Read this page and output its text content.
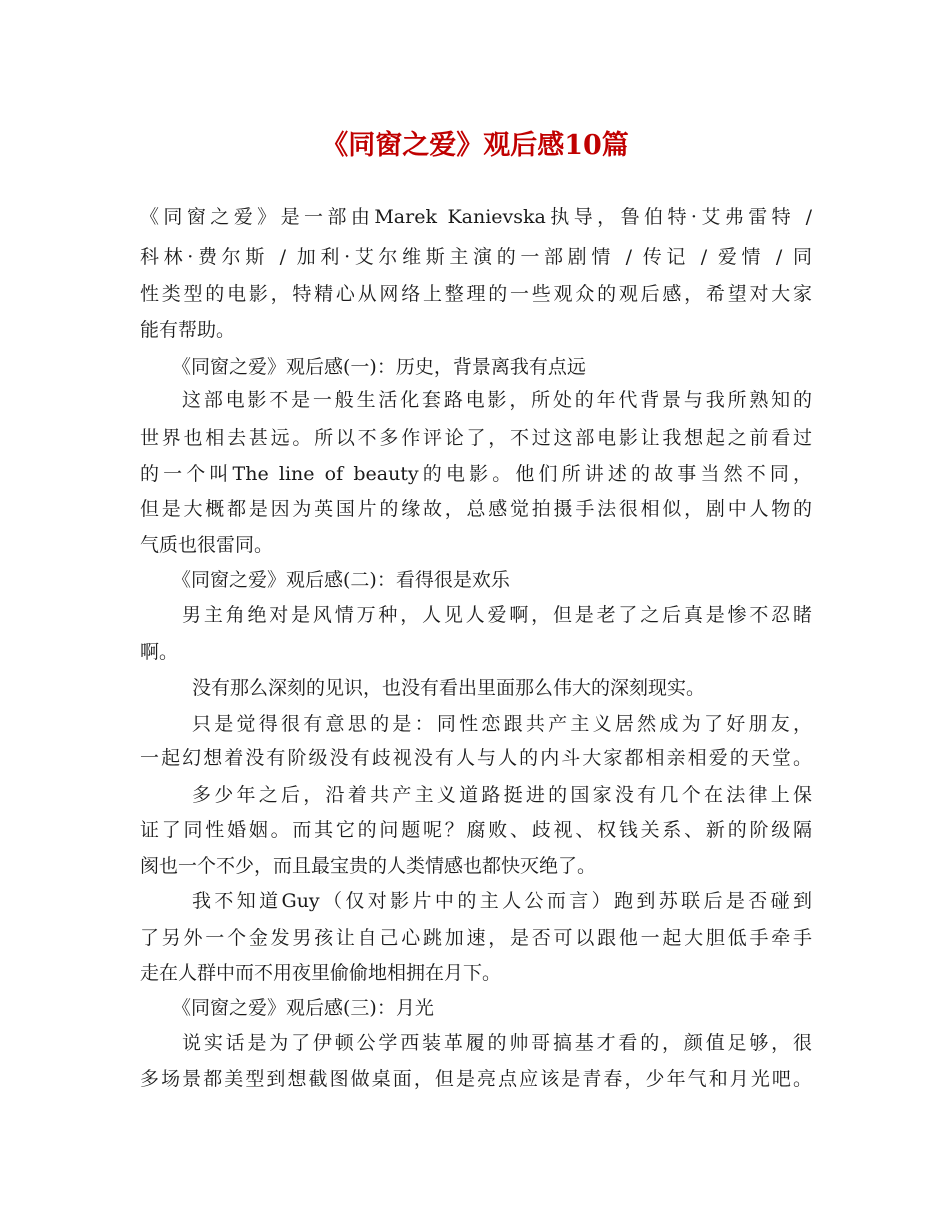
《同窗之爱》观后感10篇
《同窗之爱》是一部由Marek Kanievska执导，鲁伯特·艾弗雷特 /
科林·费尔斯 / 加利·艾尔维斯主演的一部剧情 / 传记 / 爱情 / 同
性类型的电影，特精心从网络上整理的一些观众的观后感，希望对大家
能有帮助。
《同窗之爱》观后感(一)：历史，背景离我有点远
这部电影不是一般生活化套路电影，所处的年代背景与我所熟知的
世界也相去甚远。所以不多作评论了，不过这部电影让我想起之前看过
的一个叫The line of beauty的电影。他们所讲述的故事当然不同，
但是大概都是因为英国片的缘故，总感觉拍摄手法很相似，剧中人物的
气质也很雷同。
《同窗之爱》观后感(二)：看得很是欢乐
男主角绝对是风情万种，人见人爱啊，但是老了之后真是惨不忍睹
啊。
没有那么深刻的见识，也没有看出里面那么伟大的深刻现实。
只是觉得很有意思的是：同性恋跟共产主义居然成为了好朋友，
一起幻想着没有阶级没有歧视没有人与人的内斗大家都相亲相爱的天堂。
多少年之后，沿着共产主义道路挺进的国家没有几个在法律上保
证了同性婚姻。而其它的问题呢？腐败、歧视、权钱关系、新的阶级隔
阂也一个不少，而且最宝贵的人类情感也都快灭绝了。
我不知道Guy（仅对影片中的主人公而言）跑到苏联后是否碰到
了另外一个金发男孩让自己心跳加速，是否可以跟他一起大胆低手牵手
走在人群中而不用夜里偷偷地相拥在月下。
《同窗之爱》观后感(三)：月光
说实话是为了伊顿公学西装革履的帅哥搞基才看的，颜值足够，很
多场景都美型到想截图做桌面，但是亮点应该是青春，少年气和月光吧。
